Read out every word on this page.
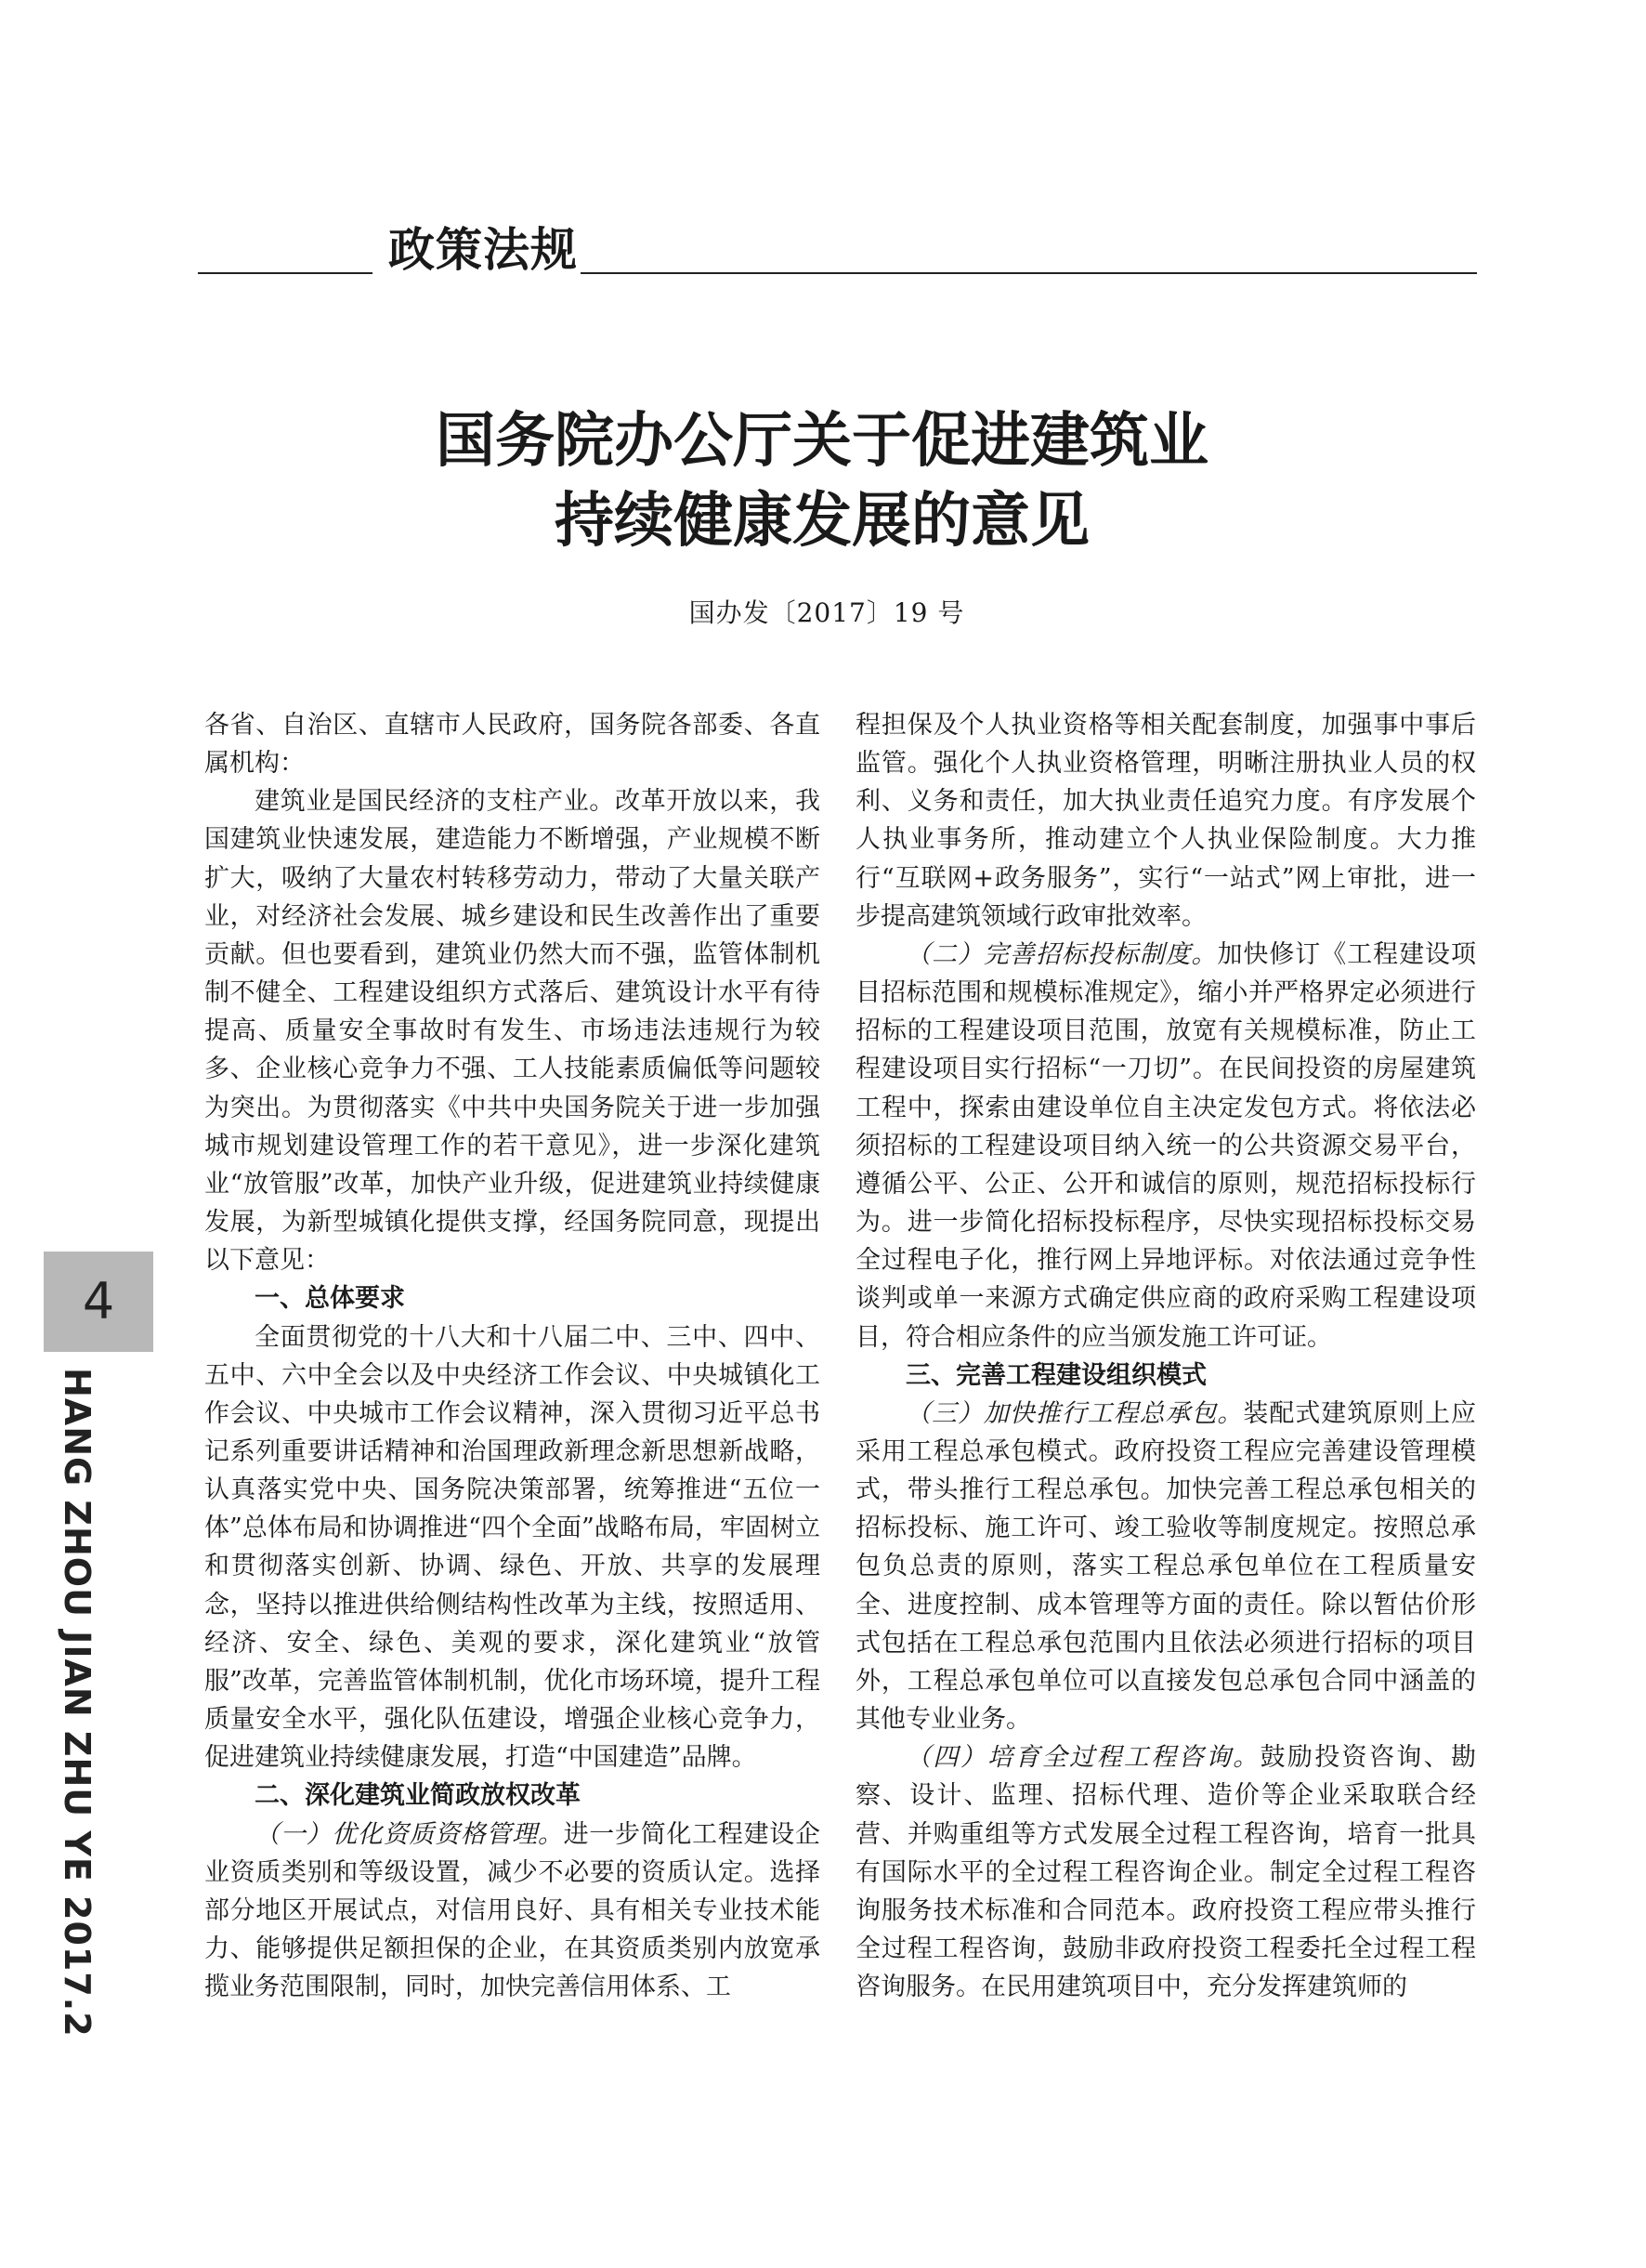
政策法规
国务院办公厅关于促进建筑业
持续健康发展的意见
国办发〔2017〕19 号

各省、自治区、直辖市人民政府，国务院各部委、各直属机构：

建筑业是国民经济的支柱产业。改革开放以来，我国建筑业快速发展，建造能力不断增强，产业规模不断扩大，吸纳了大量农村转移劳动力，带动了大量关联产业，对经济社会发展、城乡建设和民生改善作出了重要贡献。但也要看到，建筑业仍然大而不强，监管体制机制不健全、工程建设组织方式落后、建筑设计水平有待提高、质量安全事故时有发生、市场违法违规行为较多、企业核心竞争力不强、工人技能素质偏低等问题较为突出。为贯彻落实《中共中央国务院关于进一步加强城市规划建设管理工作的若干意见》，进一步深化建筑业“放管服”改革，加快产业升级，促进建筑业持续健康发展，为新型城镇化提供支撑，经国务院同意，现提出以下意见：

一、总体要求

全面贯彻党的十八大和十八届二中、三中、四中、五中、六中全会以及中央经济工作会议、中央城镇化工作会议、中央城市工作会议精神，深入贯彻习近平总书记系列重要讲话精神和治国理政新理念新思想新战略，认真落实党中央、国务院决策部署，统筹推进“五位一体”总体布局和协调推进“四个全面”战略布局，牢固树立和贯彻落实创新、协调、绿色、开放、共享的发展理念，坚持以推进供给侧结构性改革为主线，按照适用、经济、安全、绿色、美观的要求，深化建筑业“放管服”改革，完善监管体制机制，优化市场环境，提升工程质量安全水平，强化队伍建设，增强企业核心竞争力，促进建筑业持续健康发展，打造“中国建造”品牌。

二、深化建筑业简政放权改革

（一）优化资质资格管理。进一步简化工程建设企业资质类别和等级设置，减少不必要的资质认定。选择部分地区开展试点，对信用良好、具有相关专业技术能力、能够提供足额担保的企业，在其资质类别内放宽承揽业务范围限制，同时，加快完善信用体系、工

程担保及个人执业资格等相关配套制度，加强事中事后监管。强化个人执业资格管理，明晰注册执业人员的权利、义务和责任，加大执业责任追究力度。有序发展个人执业事务所，推动建立个人执业保险制度。大力推行“互联网+政务服务”，实行“一站式”网上审批，进一步提高建筑领域行政审批效率。

（二）完善招标投标制度。加快修订《工程建设项目招标范围和规模标准规定》，缩小并严格界定必须进行招标的工程建设项目范围，放宽有关规模标准，防止工程建设项目实行招标“一刀切”。在民间投资的房屋建筑工程中，探索由建设单位自主决定发包方式。将依法必须招标的工程建设项目纳入统一的公共资源交易平台，遵循公平、公正、公开和诚信的原则，规范招标投标行为。进一步简化招标投标程序，尽快实现招标投标交易全过程电子化，推行网上异地评标。对依法通过竞争性谈判或单一来源方式确定供应商的政府采购工程建设项目，符合相应条件的应当颁发施工许可证。

三、完善工程建设组织模式

（三）加快推行工程总承包。装配式建筑原则上应采用工程总承包模式。政府投资工程应完善建设管理模式，带头推行工程总承包。加快完善工程总承包相关的招标投标、施工许可、竣工验收等制度规定。按照总承包负总责的原则，落实工程总承包单位在工程质量安全、进度控制、成本管理等方面的责任。除以暂估价形式包括在工程总承包范围内且依法必须进行招标的项目外，工程总承包单位可以直接发包总承包合同中涵盖的其他专业业务。

（四）培育全过程工程咨询。鼓励投资咨询、勘察、设计、监理、招标代理、造价等企业采取联合经营、并购重组等方式发展全过程工程咨询，培育一批具有国际水平的全过程工程咨询企业。制定全过程工程咨询服务技术标准和合同范本。政府投资工程应带头推行全过程工程咨询，鼓励非政府投资工程委托全过程工程咨询服务。在民用建筑项目中，充分发挥建筑师的

4
HANG ZHOU JIAN ZHU YE 2017.2
